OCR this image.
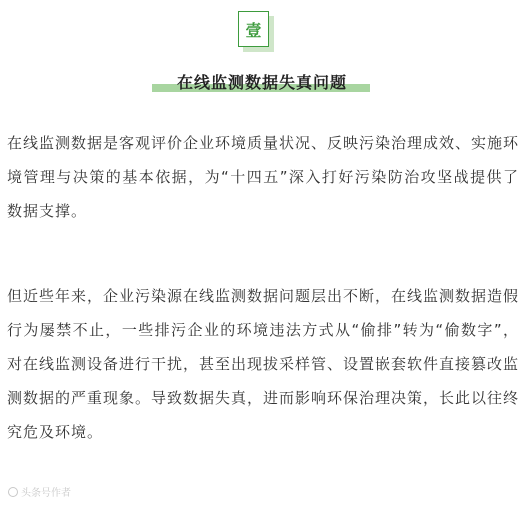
壹
在线监测数据失真问题

在线监测数据是客观评价企业环境质量状况、反映污染治理成效、实施环境管理与决策的基本依据，为“十四五”深入打好污染防治攻坚战提供了数据支撑。

但近些年来，企业污染源在线监测数据问题层出不断，在线监测数据造假行为屡禁不止，一些排污企业的环境违法方式从“偷排”转为“偷数字”，对在线监测设备进行干扰，甚至出现拔采样管、设置嵌套软件直接篡改监测数据的严重现象。导致数据失真，进而影响环保治理决策，长此以往终究危及环境。

头条号作者
